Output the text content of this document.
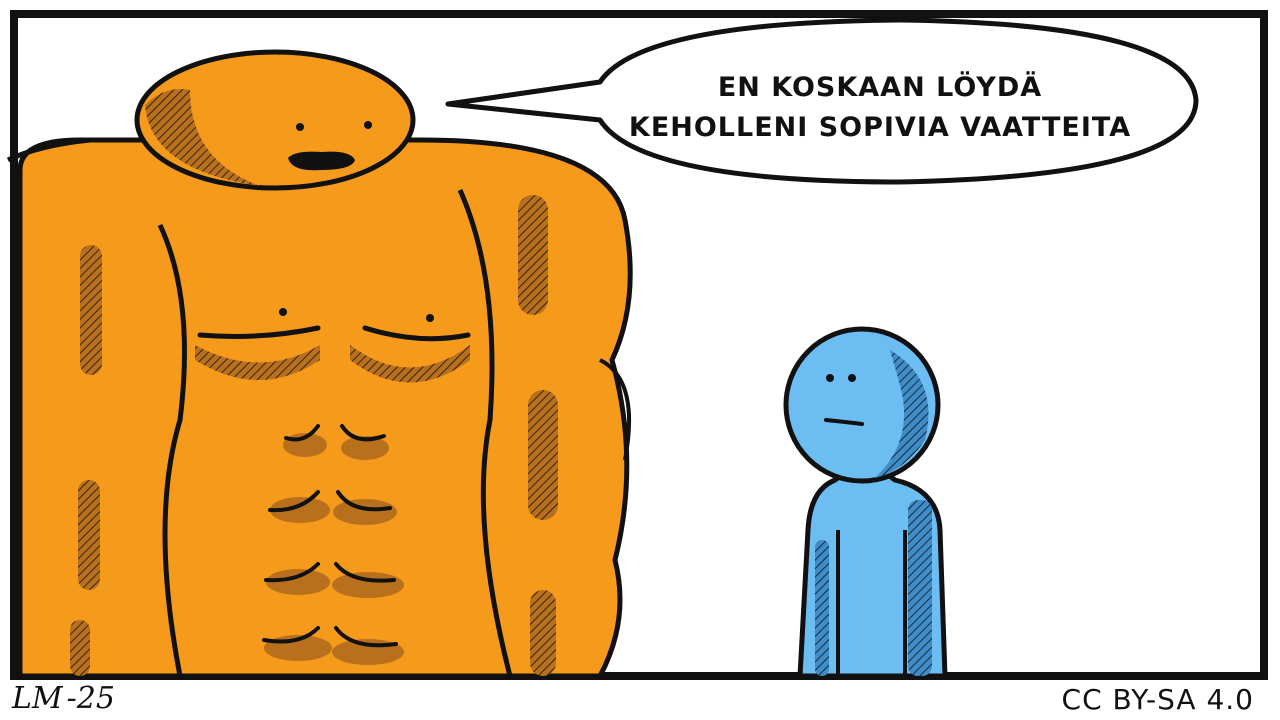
EN KOSKAAN LÖYDÄ
KEHOLLENI SOPIVIA VAATTEITA
LM -25	CC BY-SA 4.0
